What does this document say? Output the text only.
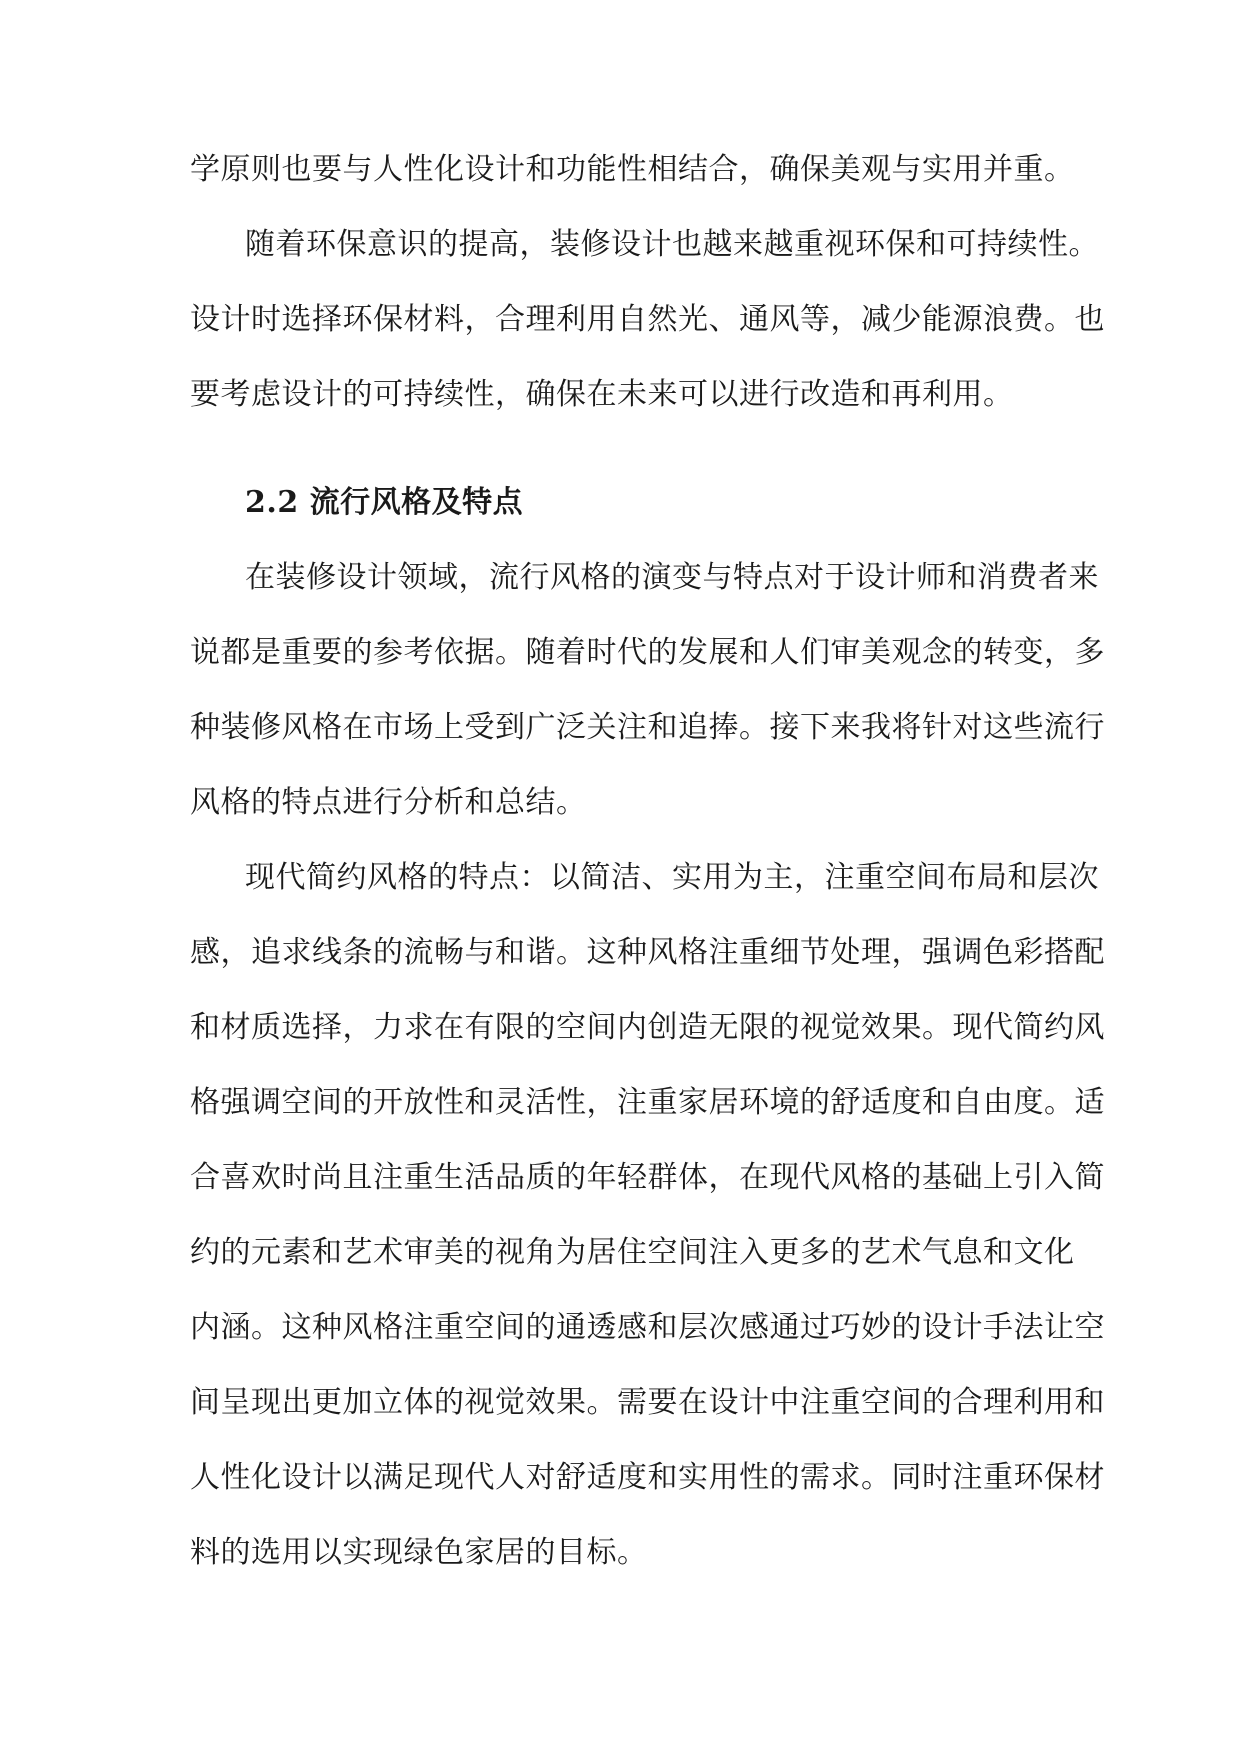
学原则也要与人性化设计和功能性相结合，确保美观与实用并重。
随着环保意识的提高，装修设计也越来越重视环保和可持续性。
设计时选择环保材料，合理利用自然光、通风等，减少能源浪费。也
要考虑设计的可持续性，确保在未来可以进行改造和再利用。
2.2 流行风格及特点
在装修设计领域，流行风格的演变与特点对于设计师和消费者来
说都是重要的参考依据。随着时代的发展和人们审美观念的转变，多
种装修风格在市场上受到广泛关注和追捧。接下来我将针对这些流行
风格的特点进行分析和总结。
现代简约风格的特点：以简洁、实用为主，注重空间布局和层次
感，追求线条的流畅与和谐。这种风格注重细节处理，强调色彩搭配
和材质选择，力求在有限的空间内创造无限的视觉效果。现代简约风
格强调空间的开放性和灵活性，注重家居环境的舒适度和自由度。适
合喜欢时尚且注重生活品质的年轻群体，在现代风格的基础上引入简
约的元素和艺术审美的视角为居住空间注入更多的艺术气息和文化
内涵。这种风格注重空间的通透感和层次感通过巧妙的设计手法让空
间呈现出更加立体的视觉效果。需要在设计中注重空间的合理利用和
人性化设计以满足现代人对舒适度和实用性的需求。同时注重环保材
料的选用以实现绿色家居的目标。
